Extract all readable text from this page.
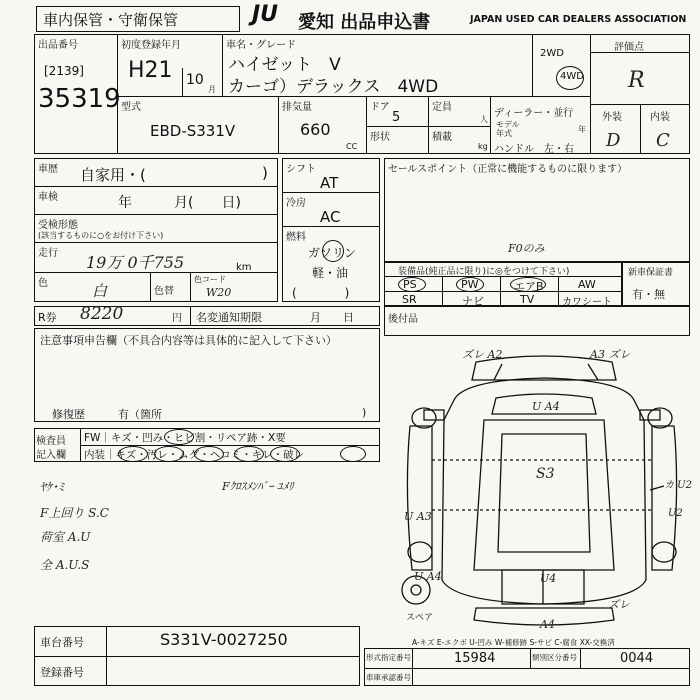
車内保管・守衛保管	JU 愛知 出品申込書	JAPAN USED CAR DEALERS ASSOCIATION
出品番号
[2139]
35319
初度登録年月
H21 10
月
車名・グレード
ハイゼット　V
カーゴ）デラックス　4WD
2WD
4WD
評価点
R
外装	内装
D C
型式
EBD-S331V
排気量
660
CC
ドア
5
形状
定員
人
積載
kg
ディーラー・並行
モデル
年式	年
ハンドル　左・右
車歴 自家用・(	)
車検	年　　　月(　　日)
受検形態
(該当するものに○をお付け下さい)
走行 19万 0千755	km
色	白	色替
色コード
W20
シフト
AT
冷房
AC
燃料
ガソリン
軽・油
(　　　　)
セールスポイント（正常に機能するものに限ります）
F0のみ
装備品(純正品に限り)に◎をつけて下さい)
PS	PW	エアB	AW
SR	ナビ	TV	カワシート
新車保証書
有・無
R券 8220	円 名変通知期限	月　　日	後付品
注意事項申告欄（不具合内容等は具体的に記入して下さい）
修復歴	有（箇所	)
検査員
記入欄
FW｜キズ・凹み・ヒビ割・リペア跡・X要
内装｜キズ・汚レ・ムグ・ヘコミ・キレ・破レ
ﾔｹ･ﾐ	Fｸﾛｽﾒﾝﾊﾞｰ ﾕﾒﾘ
F上回り S.C
荷室 A.U
全 A.U.S
ズレ A2	A3 ズレ
U A4
S3
U A3
カ U2
U2
U A4	U4
ズレ
A4
スペア
A-キズ E-エクボ U-凹み W-補修跡 S-サビ C-腐食 XX-交換済
車台番号	S331V-0027250
登録番号
形式指定番号	15984	類別区分番号	0044
車庫承認番号
